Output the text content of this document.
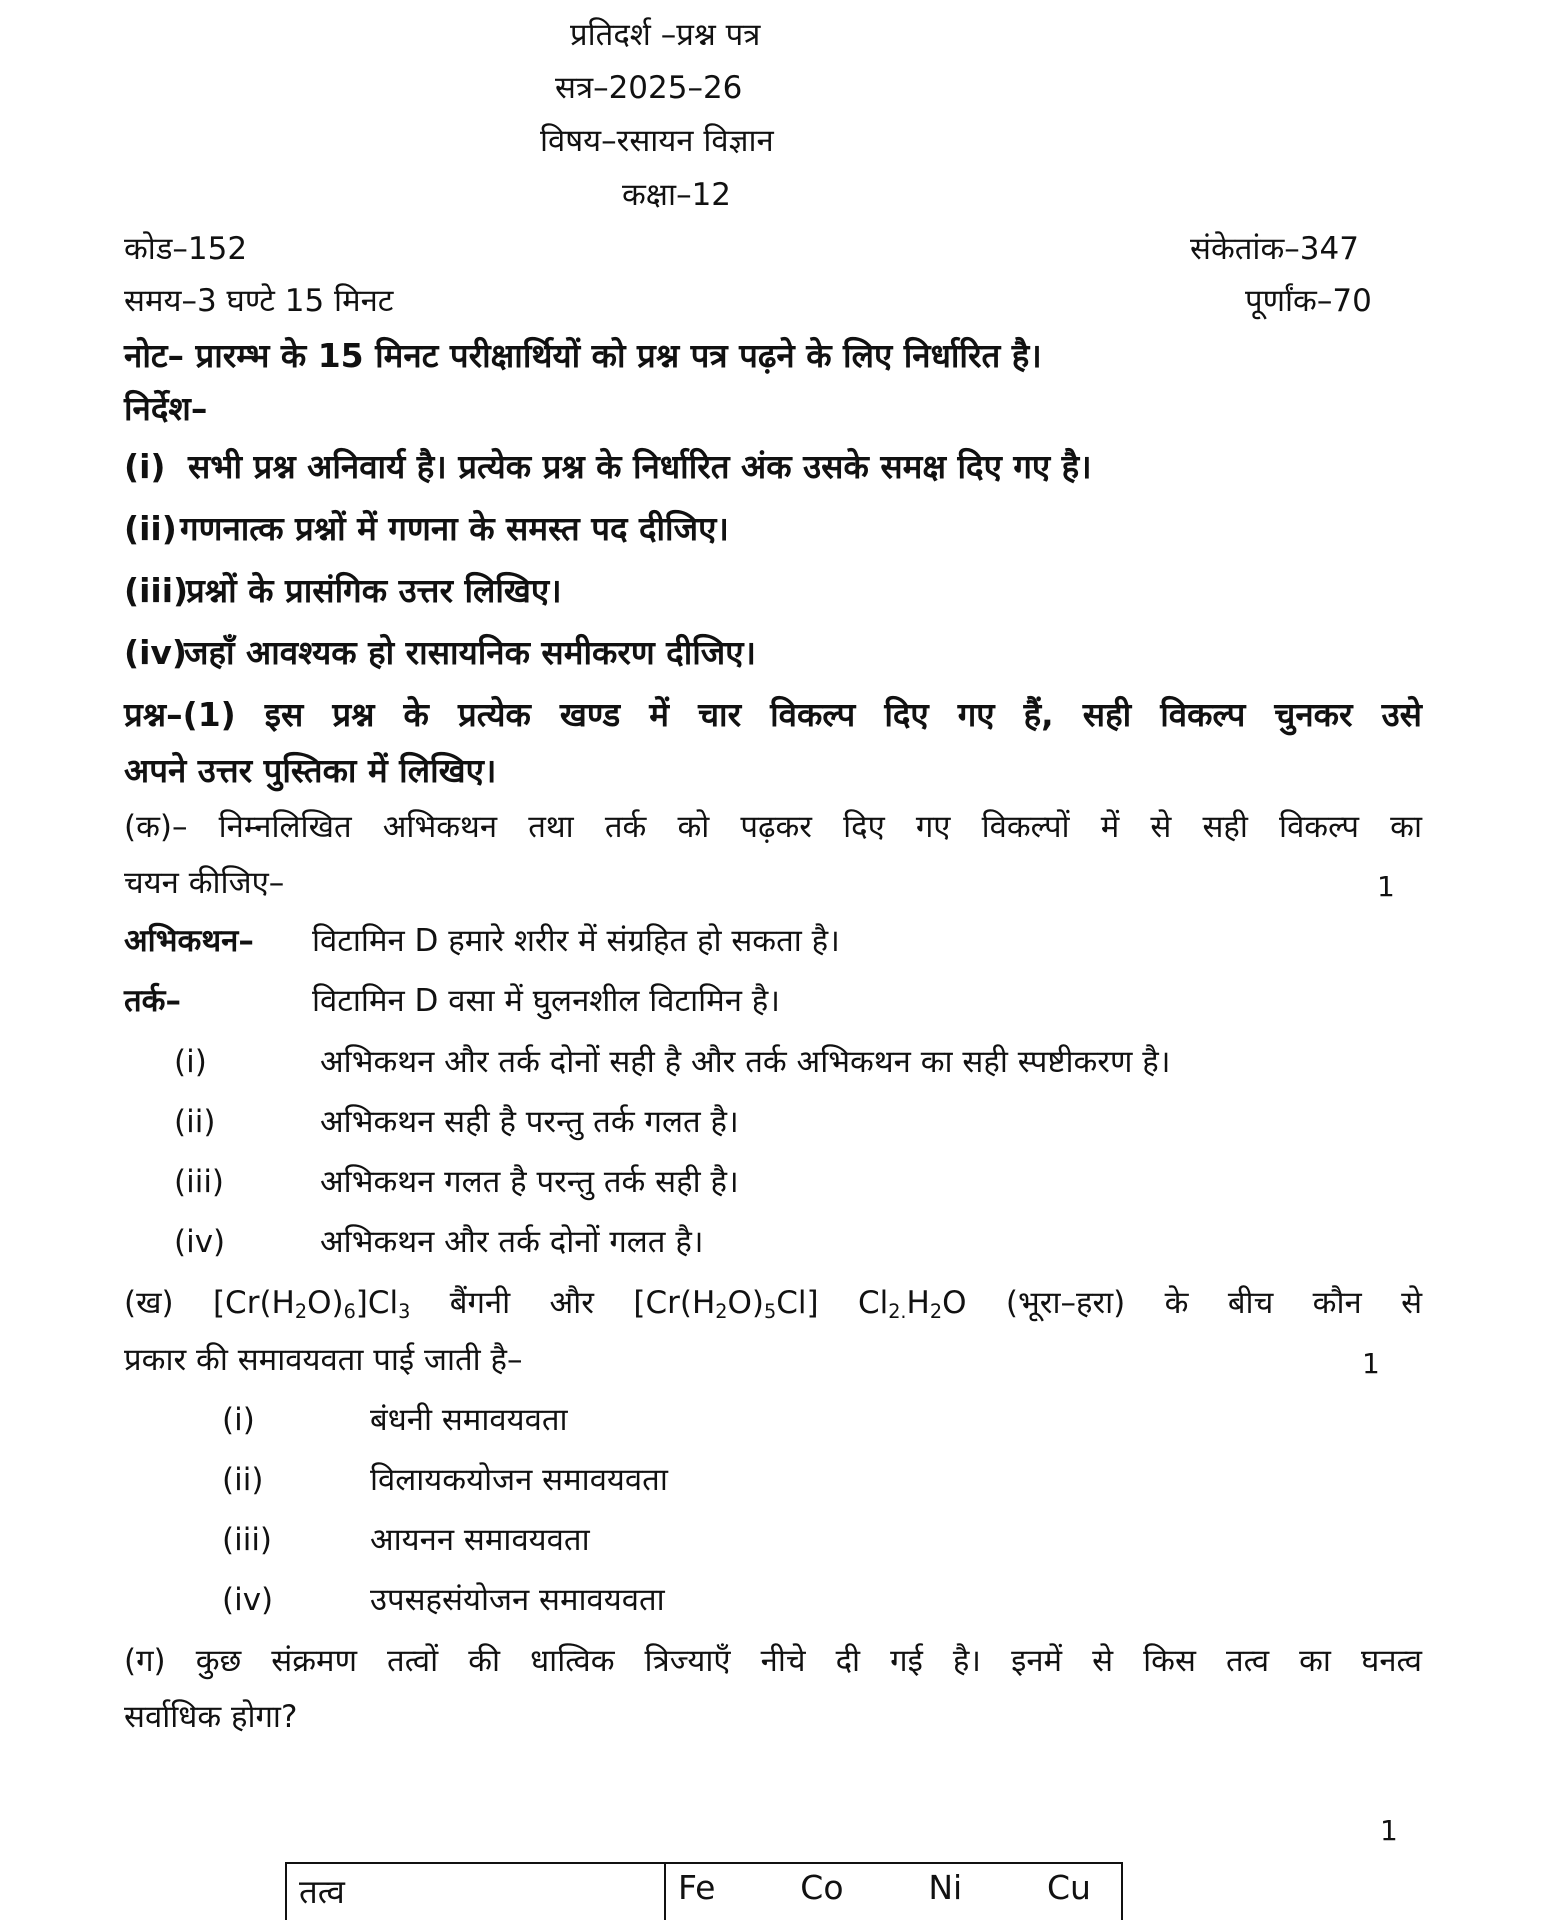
प्रतिदर्श –प्रश्न पत्र
सत्र–2025–26
विषय–रसायन विज्ञान
कक्षा–12
कोड–152	संकेतांक–347
समय–3 घण्टे 15 मिनट	पूर्णांक–70
नोट– प्रारम्भ के 15 मिनट परीक्षार्थियों को प्रश्न पत्र पढ़ने के लिए निर्धारित है।
निर्देश–
(i) सभी प्रश्न अनिवार्य है। प्रत्येक प्रश्न के निर्धारित अंक उसके समक्ष दिए गए है।
(ii)गणनात्क प्रश्नों में गणना के समस्त पद दीजिए।
(iii)प्रश्नों के प्रासंगिक उत्तर लिखिए।
(iv)जहाँ आवश्यक हो रासायनिक समीकरण दीजिए।
प्रश्न–(1) इस प्रश्न के प्रत्येक खण्ड में चार विकल्प दिए गए हैं, सही विकल्प चुनकर उसे
अपने उत्तर पुस्तिका में लिखिए।
(क)– निम्नलिखित अभिकथन तथा तर्क को पढ़कर दिए गए विकल्पों में से सही विकल्प का
चयन कीजिए–	1
अभिकथन– विटामिन D हमारे शरीर में संग्रहित हो सकता है।
तर्क–	विटामिन D वसा में घुलनशील विटामिन है।
(i)	अभिकथन और तर्क दोनों सही है और तर्क अभिकथन का सही स्पष्टीकरण है।
(ii)	अभिकथन सही है परन्तु तर्क गलत है।
(iii)	अभिकथन गलत है परन्तु तर्क सही है।
(iv)	अभिकथन और तर्क दोनों गलत है।
(ख) $[Cr(H_2O)_6]Cl_3$ बैंगनी और $[Cr(H_2O)_5Cl]$ $Cl_{2.}H_2O$ (भूरा–हरा) के बीच कौन से
प्रकार की समावयवता पाई जाती है–	1
(i)	बंधनी समावयवता
(ii)	विलायकयोजन समावयवता
(iii)	आयनन समावयवता
(iv)	उपसहसंयोजन समावयवता
(ग) कुछ संक्रमण तत्वों की धात्विक त्रिज्याएँ नीचे दी गई है। इनमें से किस तत्व का घनत्व
सर्वाधिक होगा?
1
तत्व	Fe	Co	Ni	Cu
